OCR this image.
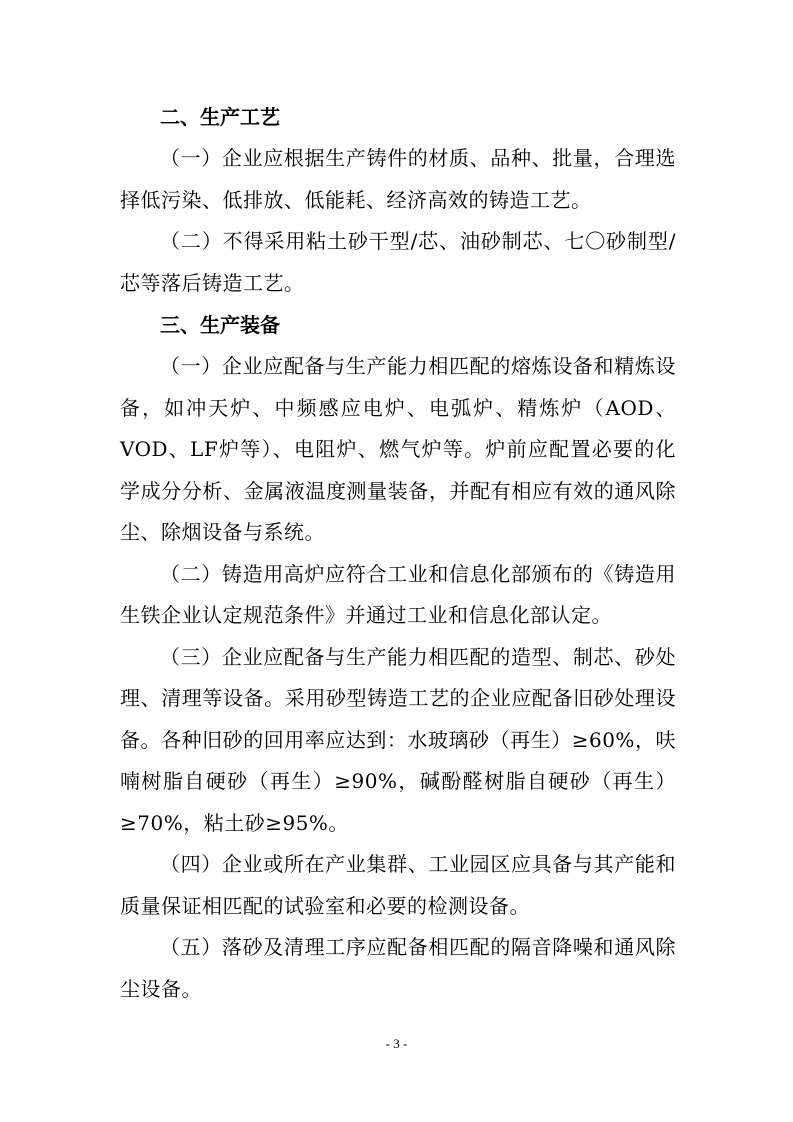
二、生产工艺

（一）企业应根据生产铸件的材质、品种、批量，合理选择低污染、低排放、低能耗、经济高效的铸造工艺。

（二）不得采用粘土砂干型/芯、油砂制芯、七〇砂制型/芯等落后铸造工艺。

三、生产装备

（一）企业应配备与生产能力相匹配的熔炼设备和精炼设备，如冲天炉、中频感应电炉、电弧炉、精炼炉（AOD、VOD、LF炉等）、电阻炉、燃气炉等。炉前应配置必要的化学成分分析、金属液温度测量装备，并配有相应有效的通风除尘、除烟设备与系统。

（二）铸造用高炉应符合工业和信息化部颁布的《铸造用生铁企业认定规范条件》并通过工业和信息化部认定。

（三）企业应配备与生产能力相匹配的造型、制芯、砂处理、清理等设备。采用砂型铸造工艺的企业应配备旧砂处理设备。各种旧砂的回用率应达到：水玻璃砂（再生）≥60%，呋喃树脂自硬砂（再生）≥90%，碱酚醛树脂自硬砂（再生）≥70%，粘土砂≥95%。

（四）企业或所在产业集群、工业园区应具备与其产能和质量保证相匹配的试验室和必要的检测设备。

（五）落砂及清理工序应配备相匹配的隔音降噪和通风除尘设备。

- 3 -
